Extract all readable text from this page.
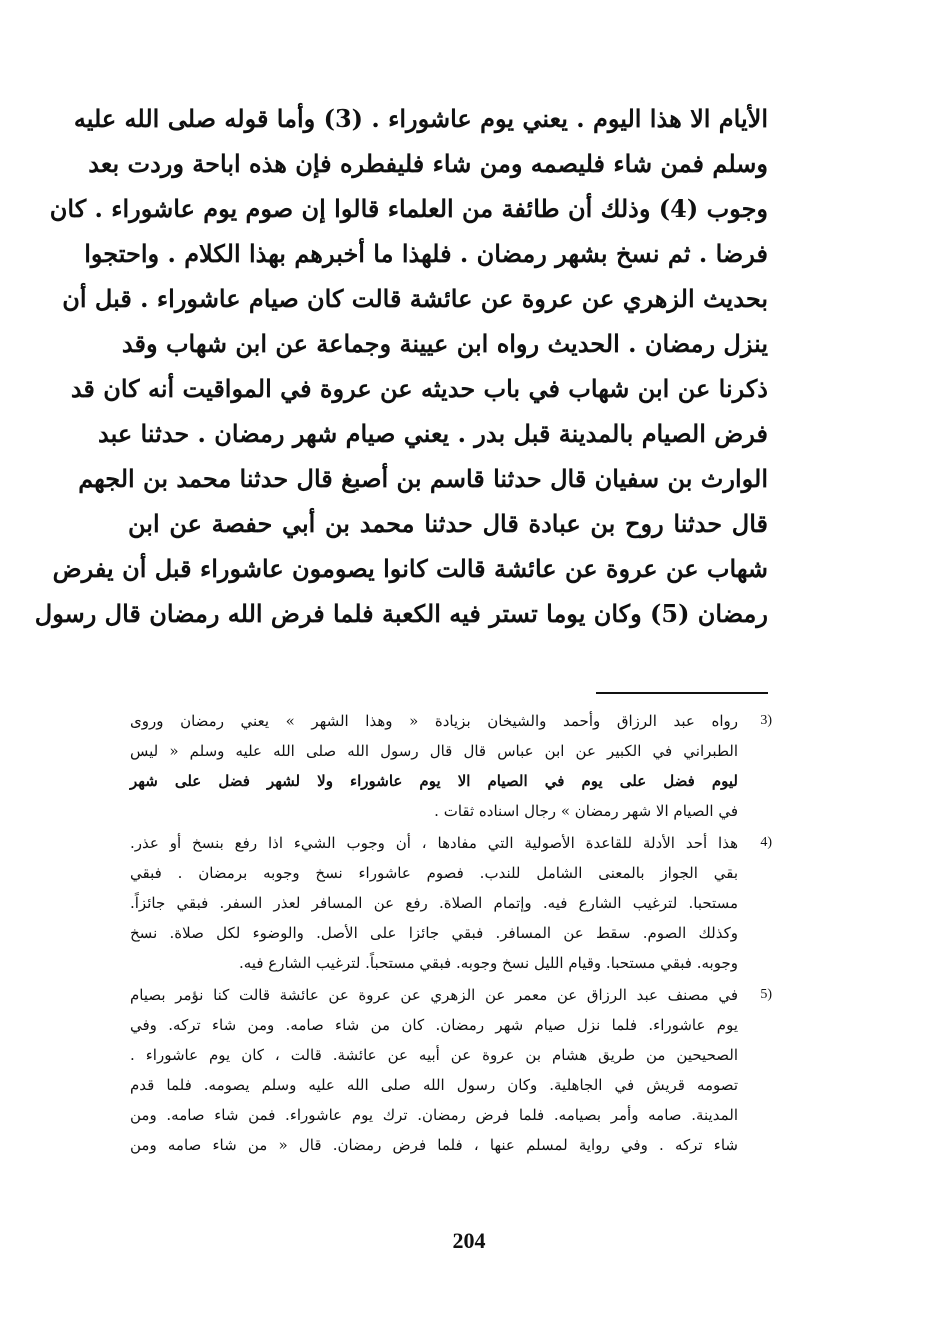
الأيام الا هذا اليوم . يعني يوم عاشوراء . (3) وأما قوله صلى الله عليه
وسلم فمن شاء فليصمه ومن شاء فليفطره فإن هذه اباحة وردت بعد
وجوب (4) وذلك أن طائفة من العلماء قالوا إن صوم يوم عاشوراء . كان
فرضا . ثم نسخ بشهر رمضان . فلهذا ما أخبرهم بهذا الكلام . واحتجوا
بحديث الزهري عن عروة عن عائشة قالت كان صيام عاشوراء . قبل أن
ينزل رمضان . الحديث رواه ابن عيينة وجماعة عن ابن شهاب وقد
ذكرنا عن ابن شهاب في باب حديثه عن عروة في المواقيت أنه كان قد
فرض الصيام بالمدينة قبل بدر . يعني صيام شهر رمضان . حدثنا عبد
الوارث بن سفيان قال حدثنا قاسم بن أصبغ قال حدثنا محمد بن الجهم
قال حدثنا روح بن عبادة قال حدثنا محمد بن أبي حفصة عن ابن
شهاب عن عروة عن عائشة قالت كانوا يصومون عاشوراء قبل أن يفرض
رمضان (5) وكان يوما تستر فيه الكعبة فلما فرض الله رمضان قال رسول
3)
رواه عبد الرزاق وأحمد والشيخان بزيادة « وهذا الشهر » يعني رمضان وروى
الطبراني في الكبير عن ابن عباس قال قال رسول الله صلى الله عليه وسلم « ليس
ليوم فضل على يوم في الصيام الا يوم عاشوراء ولا لشهر فضل على شهر
في الصيام الا شهر رمضان » رجال اسناده ثقات .
4)
هذا أحد الأدلة للقاعدة الأصولية التي مفادها ، أن وجوب الشيء اذا رفع بنسخ أو عذر.
بقي الجواز بالمعنى الشامل للندب. فصوم عاشوراء نسخ وجوبه برمضان . فبقي
مستحبا. لترغيب الشارع فيه. وإتمام الصلاة. رفع عن المسافر لعذر السفر. فبقي جائزاً.
وكذلك الصوم. سقط عن المسافر. فبقي جائزا على الأصل. والوضوء لكل صلاة. نسخ
وجوبه. فبقي مستحبا. وقيام الليل نسخ وجوبه. فبقي مستحباً. لترغيب الشارع فيه.
5)
في مصنف عبد الرزاق عن معمر عن الزهري عن عروة عن عائشة قالت كنا نؤمر بصيام
يوم عاشوراء. فلما نزل صيام شهر رمضان. كان من شاء صامه. ومن شاء تركه. وفي
الصحيحين من طريق هشام بن عروة عن أبيه عن عائشة. قالت ، كان يوم عاشوراء .
تصومه قريش في الجاهلية. وكان رسول الله صلى الله عليه وسلم يصومه. فلما قدم
المدينة. صامه وأمر بصيامه. فلما فرض رمضان. ترك يوم عاشوراء. فمن شاء صامه. ومن
شاء تركه . وفي رواية لمسلم عنها ، فلما فرض رمضان. قال « من شاء صامه ومن
204
